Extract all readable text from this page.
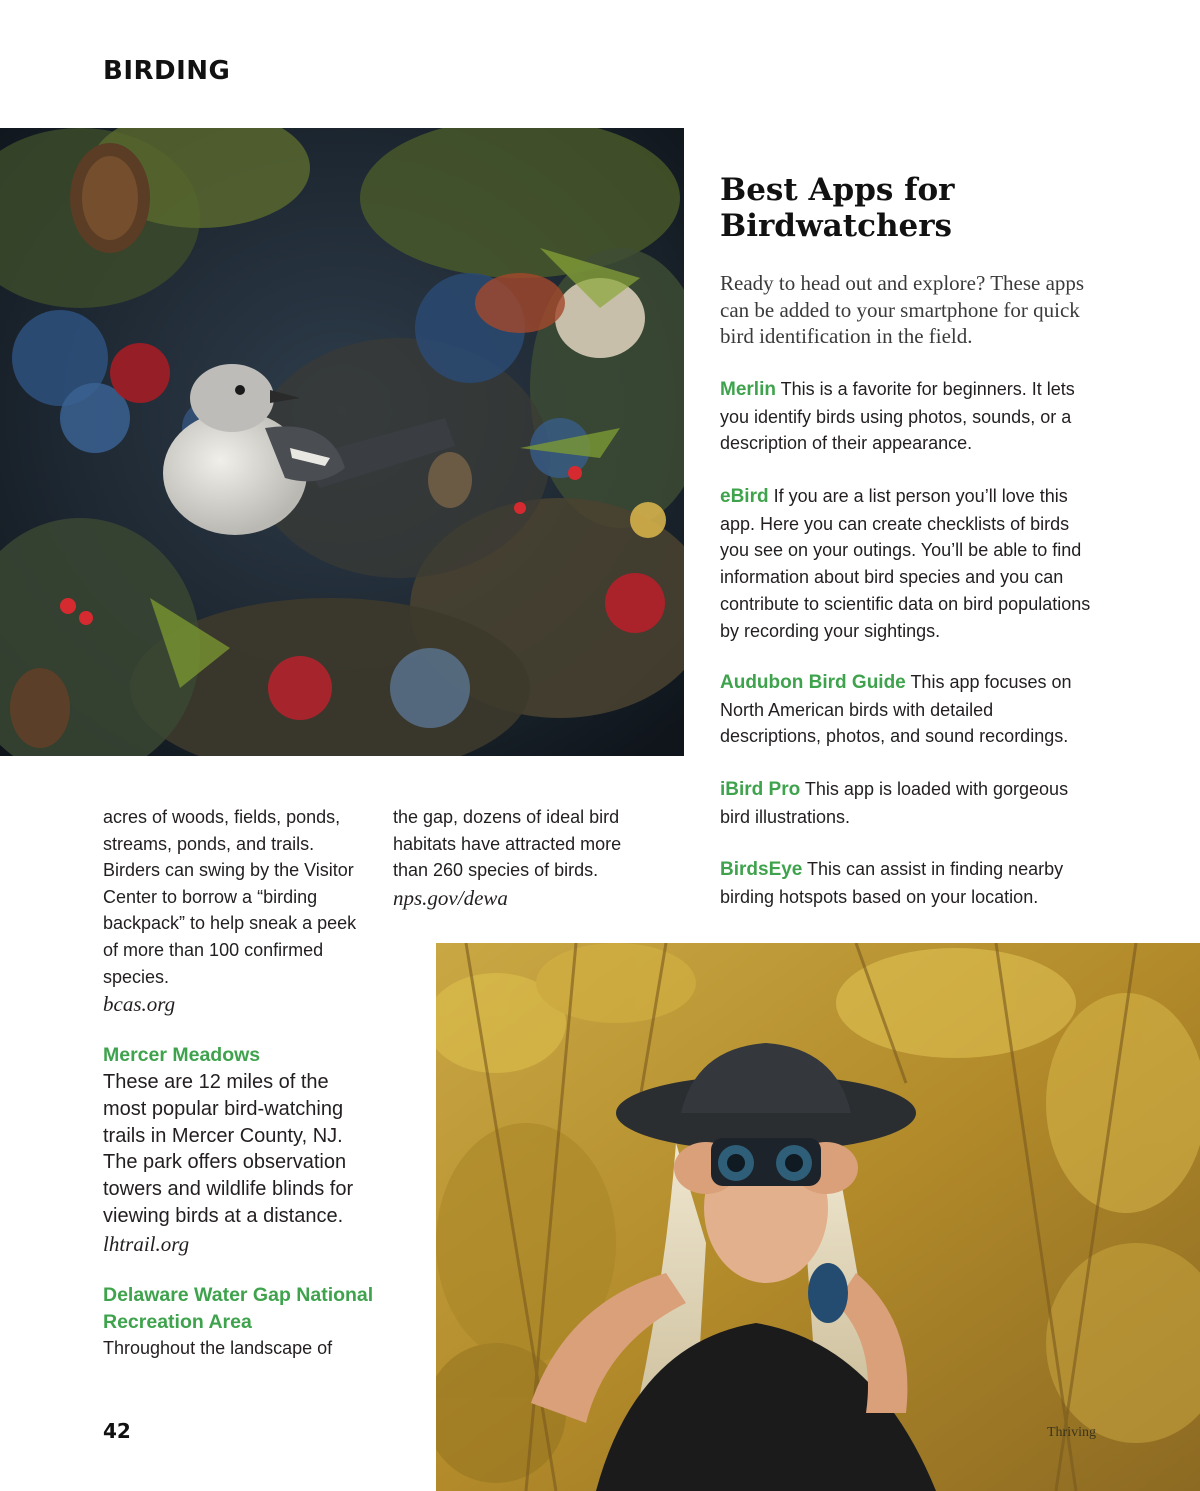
BIRDING
Best Apps for Birdwatchers

Ready to head out and explore? These apps can be added to your smartphone for quick bird identification in the field.

Merlin This is a favorite for beginners. It lets you identify birds using photos, sounds, or a description of their appearance.

eBird If you are a list person you’ll love this app. Here you can create checklists of birds you see on your outings. You’ll be able to find information about bird species and you can contribute to scientific data on bird populations by recording your sightings.

Audubon Bird Guide This app focuses on North American birds with detailed descriptions, photos, and sound recordings.

iBird Pro This app is loaded with gorgeous bird illustrations.

BirdsEye This can assist in finding nearby birding hotspots based on your location.

acres of woods, fields, ponds, streams, ponds, and trails. Birders can swing by the Visitor Center to borrow a “birding backpack” to help sneak a peek of more than 100 confirmed species.

bcas.org

Mercer Meadows

These are 12 miles of the most popular bird-watching trails in Mercer County, NJ. The park offers observation towers and wildlife blinds for viewing birds at a distance.

lhtrail.org

Delaware Water Gap National Recreation Area

Throughout the landscape of

the gap, dozens of ideal bird habitats have attracted more than 260 species of birds.

nps.gov/dewa

Thriving
42
